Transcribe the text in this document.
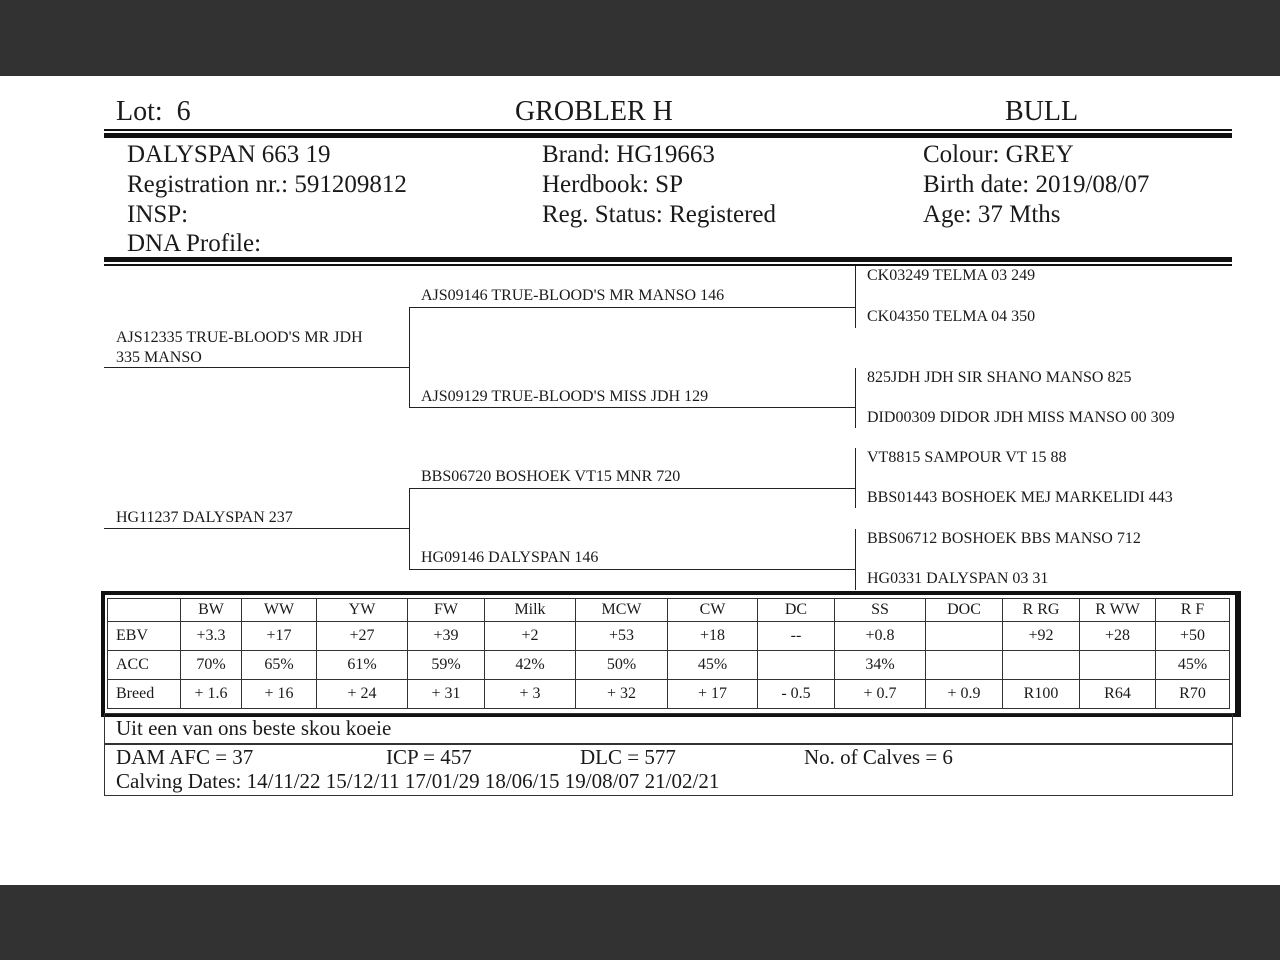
Lot: 6	GROBLER H	BULL
DALYSPAN 663 19
Registration nr.: 591209812
INSP:
DNA Profile:
Brand: HG19663
Herdbook: SP
Reg. Status: Registered
Colour: GREY
Birth date: 2019/08/07
Age: 37 Mths
AJS12335 TRUE-BLOOD'S MR JDH
335 MANSO
HG11237 DALYSPAN 237
AJS09146 TRUE-BLOOD'S MR MANSO 146
AJS09129 TRUE-BLOOD'S MISS JDH 129
BBS06720 BOSHOEK VT15 MNR 720
HG09146 DALYSPAN 146
CK03249 TELMA 03 249
CK04350 TELMA 04 350
825JDH JDH SIR SHANO MANSO 825
DID00309 DIDOR JDH MISS MANSO 00 309
VT8815 SAMPOUR VT 15 88
BBS01443 BOSHOEK MEJ MARKELIDI 443
BBS06712 BOSHOEK BBS MANSO 712
HG0331 DALYSPAN 03 31
	BW	WW	YW	FW	Milk	MCW	CW	DC	SS	DOC	R RG	R WW	R F
EBV	+3.3	+17	+27	+39	+2	+53	+18	--	+0.8		+92	+28	+50
ACC	70%	65%	61%	59%	42%	50%	45%		34%				45%
Breed	+ 1.6	+ 16	+ 24	+ 31	+ 3	+ 32	+ 17	- 0.5	+ 0.7	+ 0.9	R100	R64	R70
Uit een van ons beste skou koeie
DAM AFC = 37	ICP = 457	DLC = 577	No. of Calves = 6
Calving Dates: 14/11/22 15/12/11 17/01/29 18/06/15 19/08/07 21/02/21
